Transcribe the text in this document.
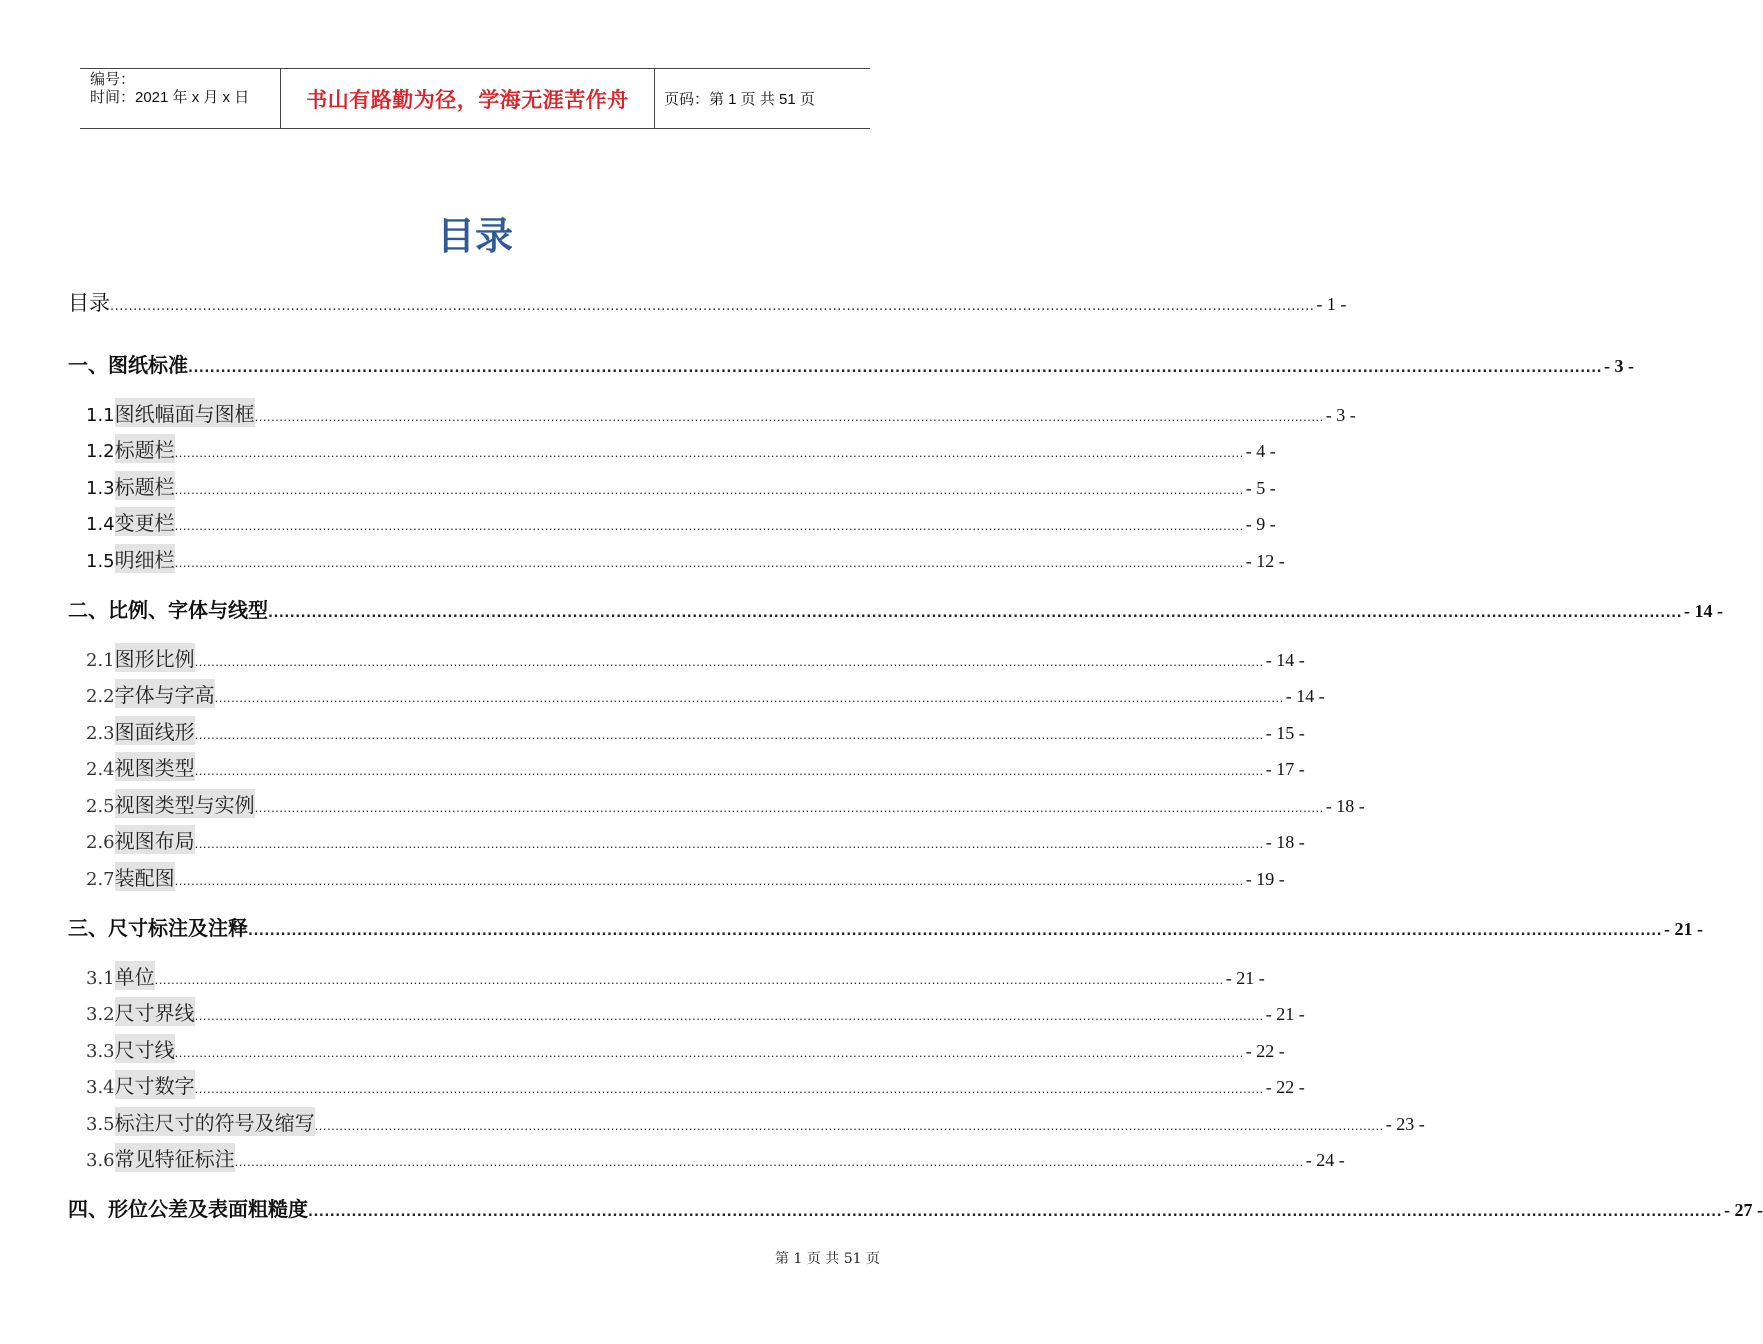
编号：
时间：2021 年 x 月 x 日	书山有路勤为径，学海无涯苦作舟	页码：第 1 页 共 51 页
目录
目录 .................................................................................................................................................................................................................................................................... - 1 -
一、 图纸标准 .................................................................................................................................................................................................................................................................... - 3 -
1.1 图纸幅面与图框 .................................................................................................................................................................................................................................................................... - 3 -
1.2 标题栏 .................................................................................................................................................................................................................................................................... - 4 -
1.3 标题栏 .................................................................................................................................................................................................................................................................... - 5 -
1.4 变更栏 .................................................................................................................................................................................................................................................................... - 9 -
1.5 明细栏 .................................................................................................................................................................................................................................................................... - 12 -
二、 比例、字体与线型 .................................................................................................................................................................................................................................................................... - 14 -
2.1 图形比例 .................................................................................................................................................................................................................................................................... - 14 -
2.2 字体与字高 .................................................................................................................................................................................................................................................................... - 14 -
2.3 图面线形 .................................................................................................................................................................................................................................................................... - 15 -
2.4 视图类型 .................................................................................................................................................................................................................................................................... - 17 -
2.5 视图类型与实例 .................................................................................................................................................................................................................................................................... - 18 -
2.6 视图布局 .................................................................................................................................................................................................................................................................... - 18 -
2.7 装配图 .................................................................................................................................................................................................................................................................... - 19 -
三、 尺寸标注及注释 .................................................................................................................................................................................................................................................................... - 21 -
3.1 单位 .................................................................................................................................................................................................................................................................... - 21 -
3.2 尺寸界线 .................................................................................................................................................................................................................................................................... - 21 -
3.3 尺寸线 .................................................................................................................................................................................................................................................................... - 22 -
3.4 尺寸数字 .................................................................................................................................................................................................................................................................... - 22 -
3.5 标注尺寸的符号及缩写 .................................................................................................................................................................................................................................................................... - 23 -
3.6 常见特征标注 .................................................................................................................................................................................................................................................................... - 24 -
四、 形位公差及表面粗糙度 .................................................................................................................................................................................................................................................................... - 27 -
第 1 页 共 51 页
